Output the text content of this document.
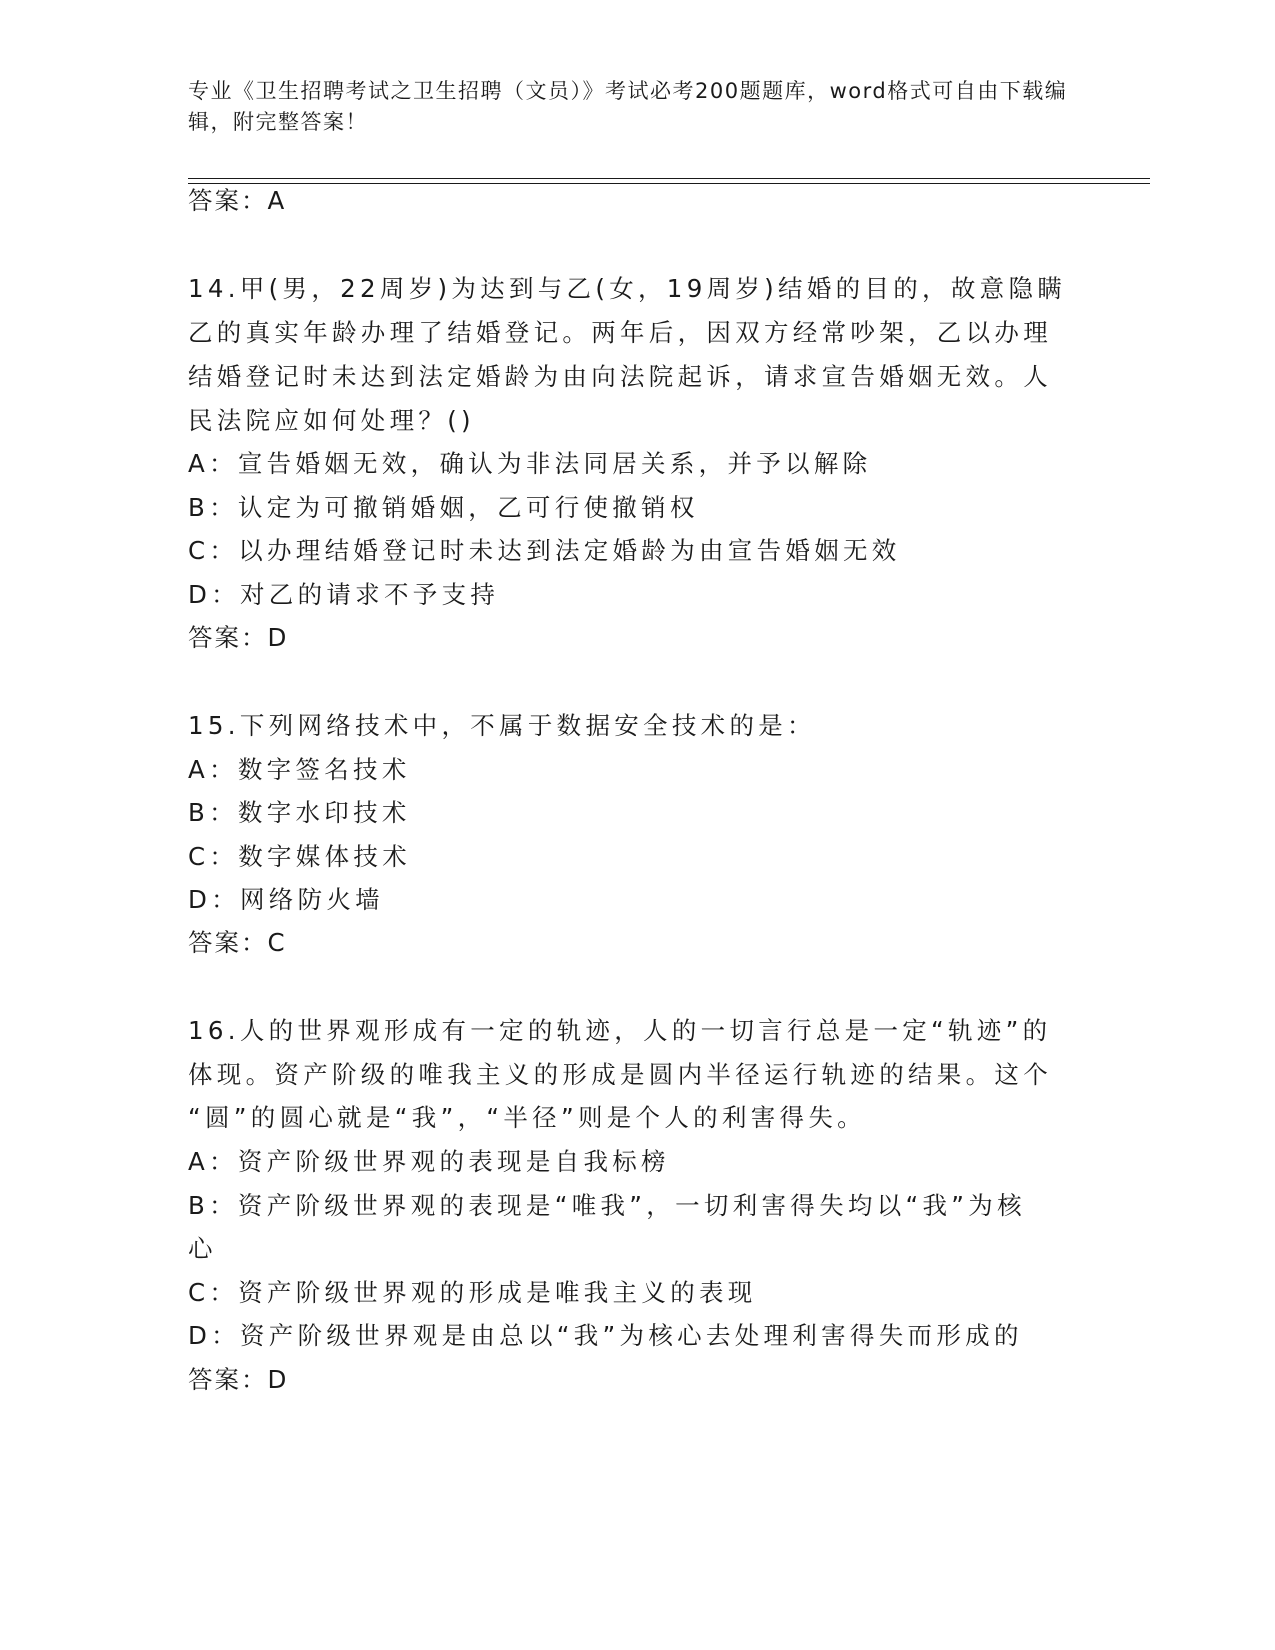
专业《卫生招聘考试之卫生招聘（文员）》考试必考200题题库，word格式可自由下载编辑，附完整答案！
答案：A
14.甲(男，22周岁)为达到与乙(女，19周岁)结婚的目的，故意隐瞒
乙的真实年龄办理了结婚登记。两年后，因双方经常吵架，乙以办理
结婚登记时未达到法定婚龄为由向法院起诉，请求宣告婚姻无效。人
民法院应如何处理？()
A：宣告婚姻无效，确认为非法同居关系，并予以解除
B：认定为可撤销婚姻，乙可行使撤销权
C：以办理结婚登记时未达到法定婚龄为由宣告婚姻无效
D：对乙的请求不予支持
答案：D
15.下列网络技术中，不属于数据安全技术的是：
A：数字签名技术
B：数字水印技术
C：数字媒体技术
D：网络防火墙
答案：C
16.人的世界观形成有一定的轨迹，人的一切言行总是一定“轨迹”的
体现。资产阶级的唯我主义的形成是圆内半径运行轨迹的结果。这个
“圆”的圆心就是“我”，“半径”则是个人的利害得失。
A：资产阶级世界观的表现是自我标榜
B：资产阶级世界观的表现是“唯我”，一切利害得失均以“我”为核
心
C：资产阶级世界观的形成是唯我主义的表现
D：资产阶级世界观是由总以“我”为核心去处理利害得失而形成的
答案：D
